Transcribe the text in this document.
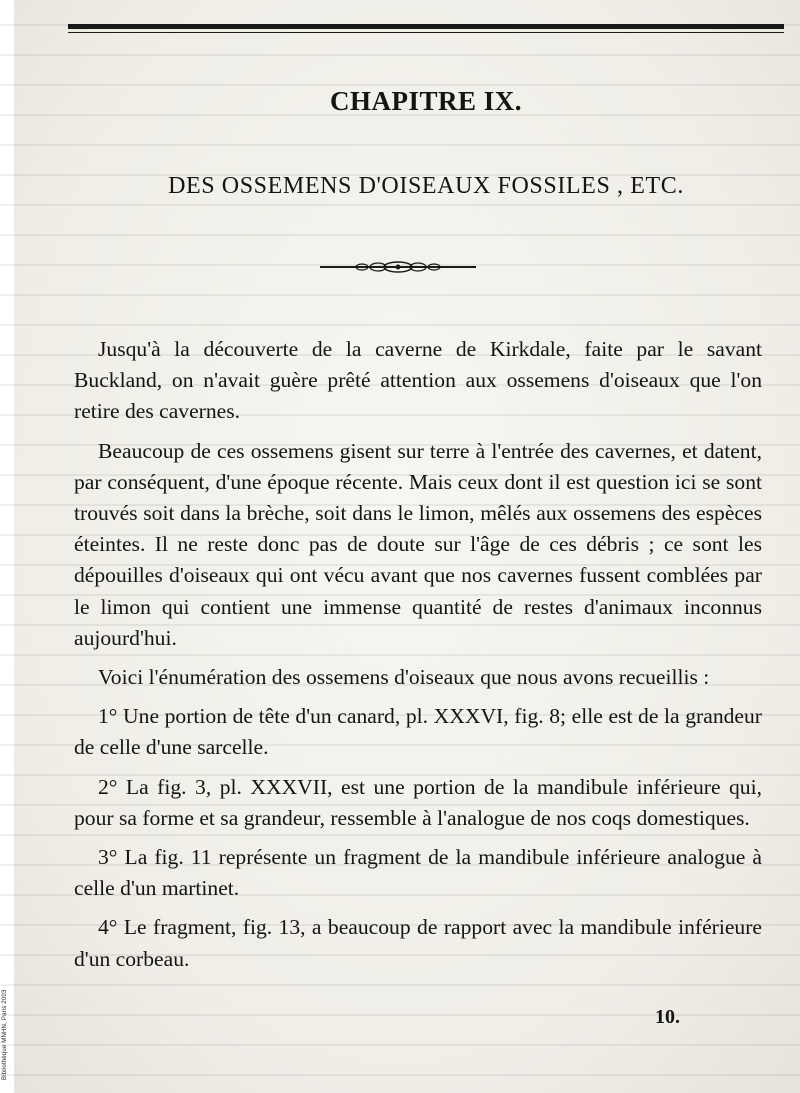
Bibliothèque MNHN, Paris 2003
CHAPITRE IX.
DES OSSEMENS D'OISEAUX FOSSILES , ETC.

Jusqu'à la découverte de la caverne de Kirkdale, faite par le savant Buckland, on n'avait guère prêté attention aux ossemens d'oiseaux que l'on retire des cavernes.

Beaucoup de ces ossemens gisent sur terre à l'entrée des cavernes, et datent, par conséquent, d'une époque récente. Mais ceux dont il est question ici se sont trouvés soit dans la brèche, soit dans le limon, mêlés aux ossemens des espèces éteintes. Il ne reste donc pas de doute sur l'âge de ces débris ; ce sont les dépouilles d'oiseaux qui ont vécu avant que nos cavernes fussent comblées par le limon qui contient une immense quantité de restes d'animaux inconnus aujourd'hui.

Voici l'énumération des ossemens d'oiseaux que nous avons recueillis :

1° Une portion de tête d'un canard, pl. XXXVI, fig. 8; elle est de la grandeur de celle d'une sarcelle.

2° La fig. 3, pl. XXXVII, est une portion de la mandibule inférieure qui, pour sa forme et sa grandeur, ressemble à l'analogue de nos coqs domestiques.

3° La fig. 11 représente un fragment de la mandibule inférieure analogue à celle d'un martinet.

4° Le fragment, fig. 13, a beaucoup de rapport avec la mandibule inférieure d'un corbeau.

10.
